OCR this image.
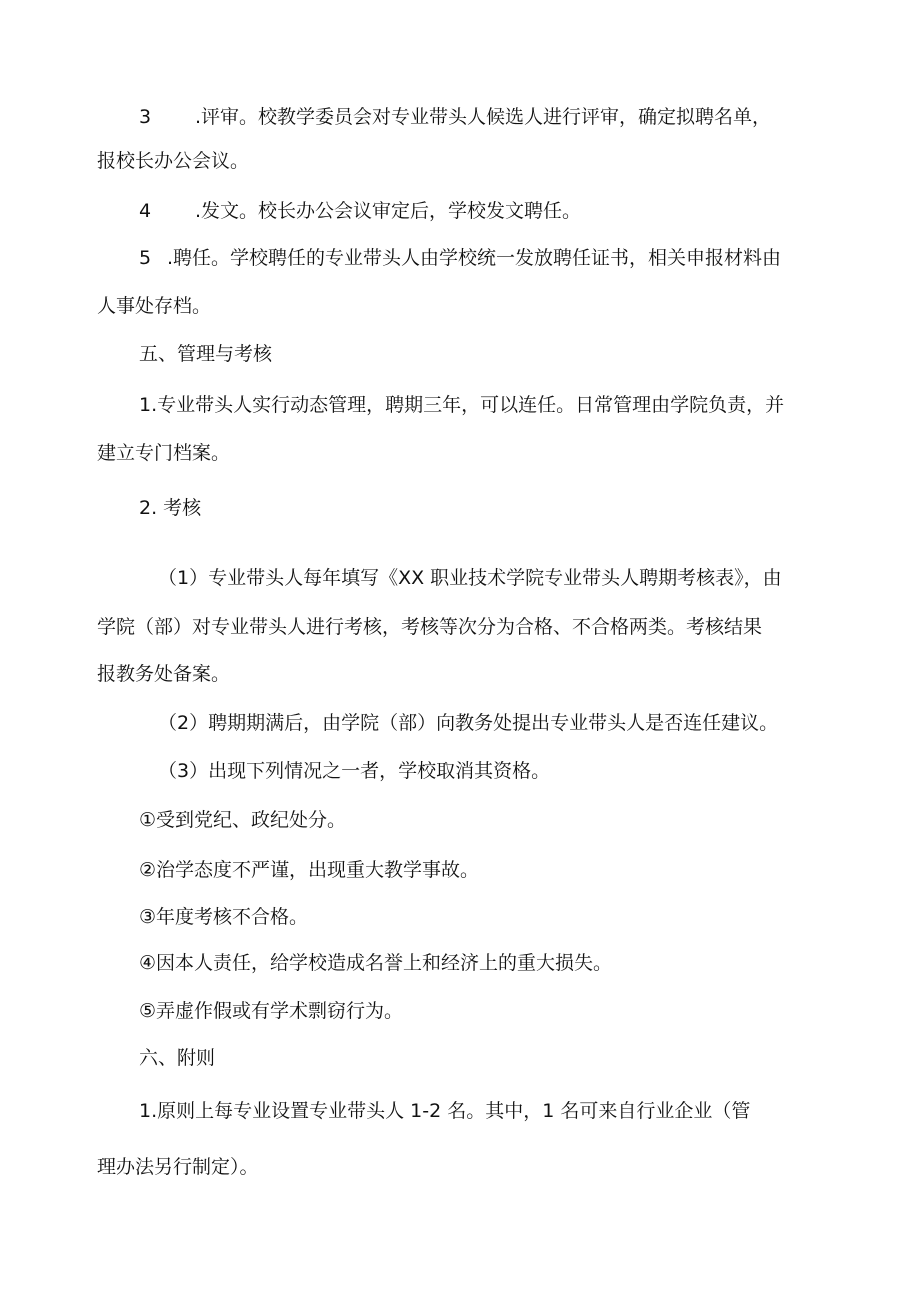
3 .评审。校教学委员会对专业带头人候选人进行评审，确定拟聘名单，
报校长办公会议。
4 .发文。校长办公会议审定后，学校发文聘任。
5 .聘任。学校聘任的专业带头人由学校统一发放聘任证书，相关申报材料由
人事处存档。
五、管理与考核
1.专业带头人实行动态管理，聘期三年，可以连任。日常管理由学院负责，并
建立专门档案。
2. 考核
（1）专业带头人每年填写《XX 职业技术学院专业带头人聘期考核表》，由
学院（部）对专业带头人进行考核，考核等次分为合格、不合格两类。考核结果
报教务处备案。
（2）聘期期满后，由学院（部）向教务处提出专业带头人是否连任建议。
（3）出现下列情况之一者，学校取消其资格。
①受到党纪、政纪处分。
②治学态度不严谨，出现重大教学事故。
③年度考核不合格。
④因本人责任，给学校造成名誉上和经济上的重大损失。
⑤弄虚作假或有学术剽窃行为。
六、附则
1.原则上每专业设置专业带头人 1-2 名。其中，1 名可来自行业企业（管
理办法另行制定）。
